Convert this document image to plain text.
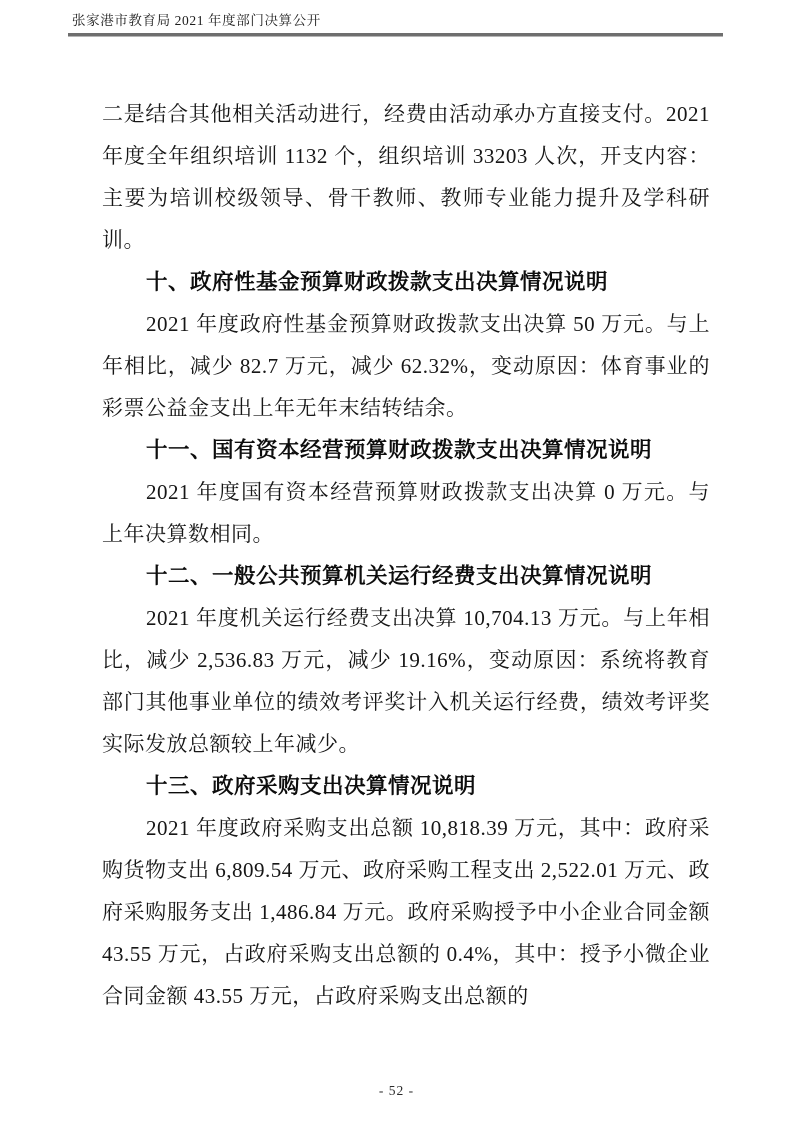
张家港市教育局 2021 年度部门决算公开

二是结合其他相关活动进行，经费由活动承办方直接支付。2021 年度全年组织培训 1132 个，组织培训 33203 人次，开支内容：主要为培训校级领导、骨干教师、教师专业能力提升及学科研训。

十、政府性基金预算财政拨款支出决算情况说明

2021 年度政府性基金预算财政拨款支出决算 50 万元。与上年相比，减少 82.7 万元，减少 62.32%，变动原因：体育事业的彩票公益金支出上年无年末结转结余。

十一、国有资本经营预算财政拨款支出决算情况说明

2021 年度国有资本经营预算财政拨款支出决算 0 万元。与上年决算数相同。

十二、一般公共预算机关运行经费支出决算情况说明

2021 年度机关运行经费支出决算 10,704.13 万元。与上年相比，减少 2,536.83 万元，减少 19.16%，变动原因：系统将教育部门其他事业单位的绩效考评奖计入机关运行经费，绩效考评奖实际发放总额较上年减少。

十三、政府采购支出决算情况说明

2021 年度政府采购支出总额 10,818.39 万元，其中：政府采购货物支出 6,809.54 万元、政府采购工程支出 2,522.01 万元、政府采购服务支出 1,486.84 万元。政府采购授予中小企业合同金额 43.55 万元，占政府采购支出总额的 0.4%，其中：授予小微企业合同金额 43.55 万元，占政府采购支出总额的

- 52 -
